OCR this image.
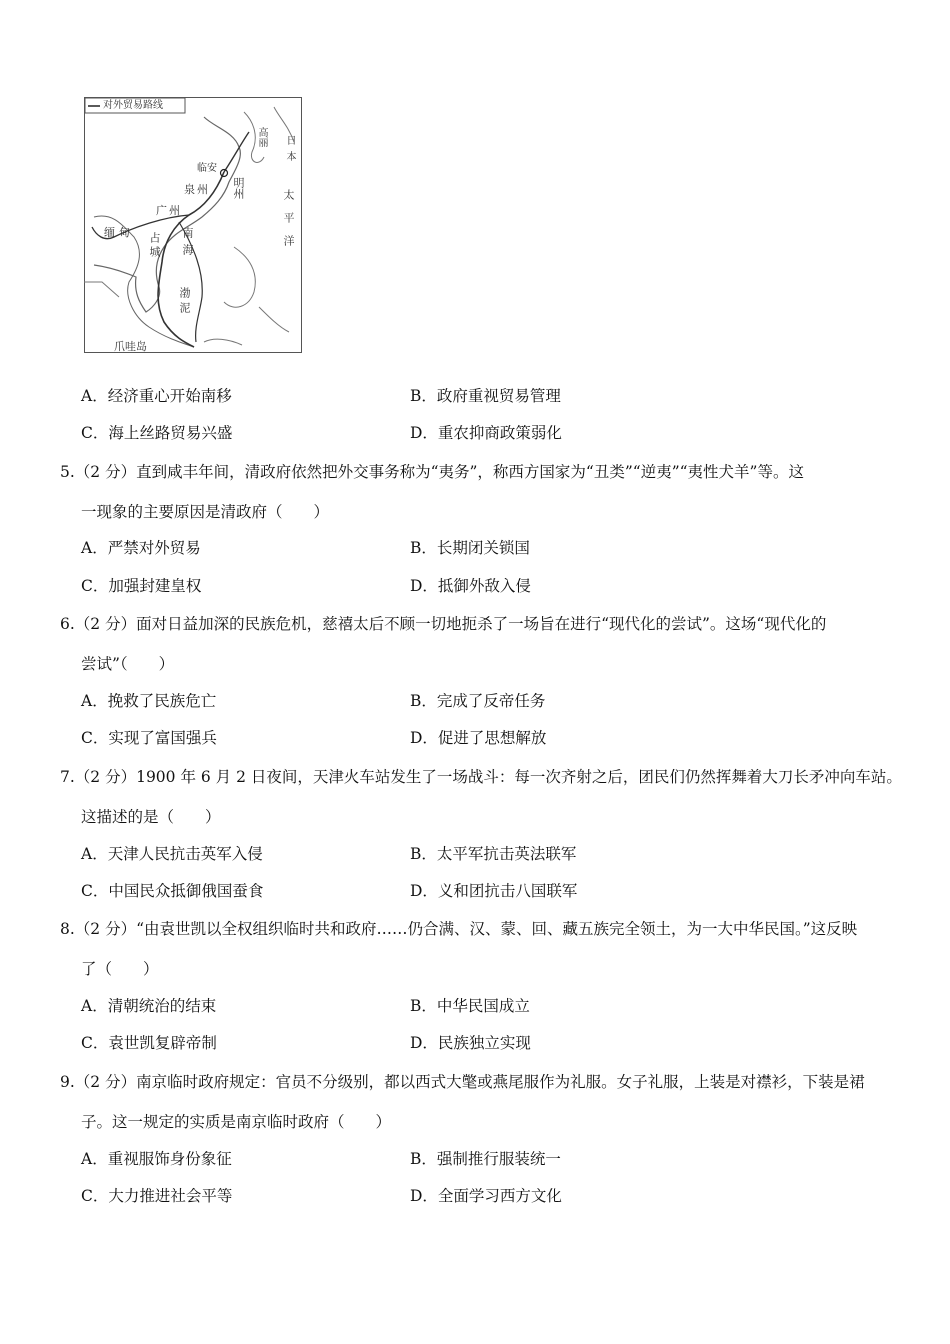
对外贸易路线
临安
泉州 明州
广州
缅甸 占城 南海
渤泥
爪哇岛
太平洋
高丽 日本
A．经济重心开始南移	B．政府重视贸易管理
C．海上丝路贸易兴盛	D．重农抑商政策弱化
5.（2 分）直到咸丰年间，清政府依然把外交事务称为“夷务”，称西方国家为“丑类”“逆夷”“夷性犬羊”等。这
一现象的主要原因是清政府（　　）
A．严禁对外贸易	B．长期闭关锁国
C．加强封建皇权	D．抵御外敌入侵
6.（2 分）面对日益加深的民族危机，慈禧太后不顾一切地扼杀了一场旨在进行“现代化的尝试”。这场“现代化的
尝试”（　　）
A．挽救了民族危亡	B．完成了反帝任务
C．实现了富国强兵	D．促进了思想解放
7.（2 分）1900 年 6 月 2 日夜间，天津火车站发生了一场战斗：每一次齐射之后，团民们仍然挥舞着大刀长矛冲向车站。
这描述的是（　　）
A．天津人民抗击英军入侵	B．太平军抗击英法联军
C．中国民众抵御俄国蚕食	D．义和团抗击八国联军
8.（2 分）“由袁世凯以全权组织临时共和政府……仍合满、汉、蒙、回、藏五族完全领土，为一大中华民国。”这反映
了（　　）
A．清朝统治的结束	B．中华民国成立
C．袁世凯复辟帝制	D．民族独立实现
9.（2 分）南京临时政府规定：官员不分级别，都以西式大氅或燕尾服作为礼服。女子礼服，上装是对襟衫，下装是裙
子。这一规定的实质是南京临时政府（　　）
A．重视服饰身份象征	B．强制推行服装统一
C．大力推进社会平等	D．全面学习西方文化
